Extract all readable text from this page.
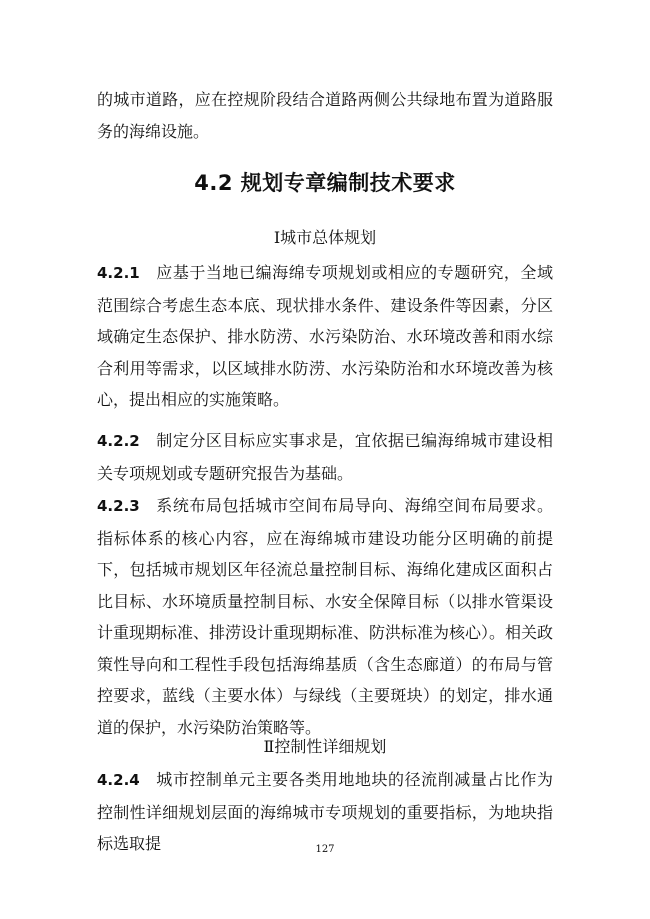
的城市道路，应在控规阶段结合道路两侧公共绿地布置为道路服务的海绵设施。

4.2 规划专章编制技术要求

Ⅰ城市总体规划

4.2.1 应基于当地已编海绵专项规划或相应的专题研究，全域范围综合考虑生态本底、现状排水条件、建设条件等因素，分区域确定生态保护、排水防涝、水污染防治、水环境改善和雨水综合利用等需求，以区域排水防涝、水污染防治和水环境改善为核心，提出相应的实施策略。

4.2.2 制定分区目标应实事求是，宜依据已编海绵城市建设相关专项规划或专题研究报告为基础。

4.2.3 系统布局包括城市空间布局导向、海绵空间布局要求。指标体系的核心内容，应在海绵城市建设功能分区明确的前提下，包括城市规划区年径流总量控制目标、海绵化建成区面积占比目标、水环境质量控制目标、水安全保障目标（以排水管渠设计重现期标准、排涝设计重现期标准、防洪标准为核心）。相关政策性导向和工程性手段包括海绵基质（含生态廊道）的布局与管控要求，蓝线（主要水体）与绿线（主要斑块）的划定，排水通道的保护，水污染防治策略等。

Ⅱ控制性详细规划

4.2.4 城市控制单元主要各类用地地块的径流削减量占比作为控制性详细规划层面的海绵城市专项规划的重要指标，为地块指标选取提	127
